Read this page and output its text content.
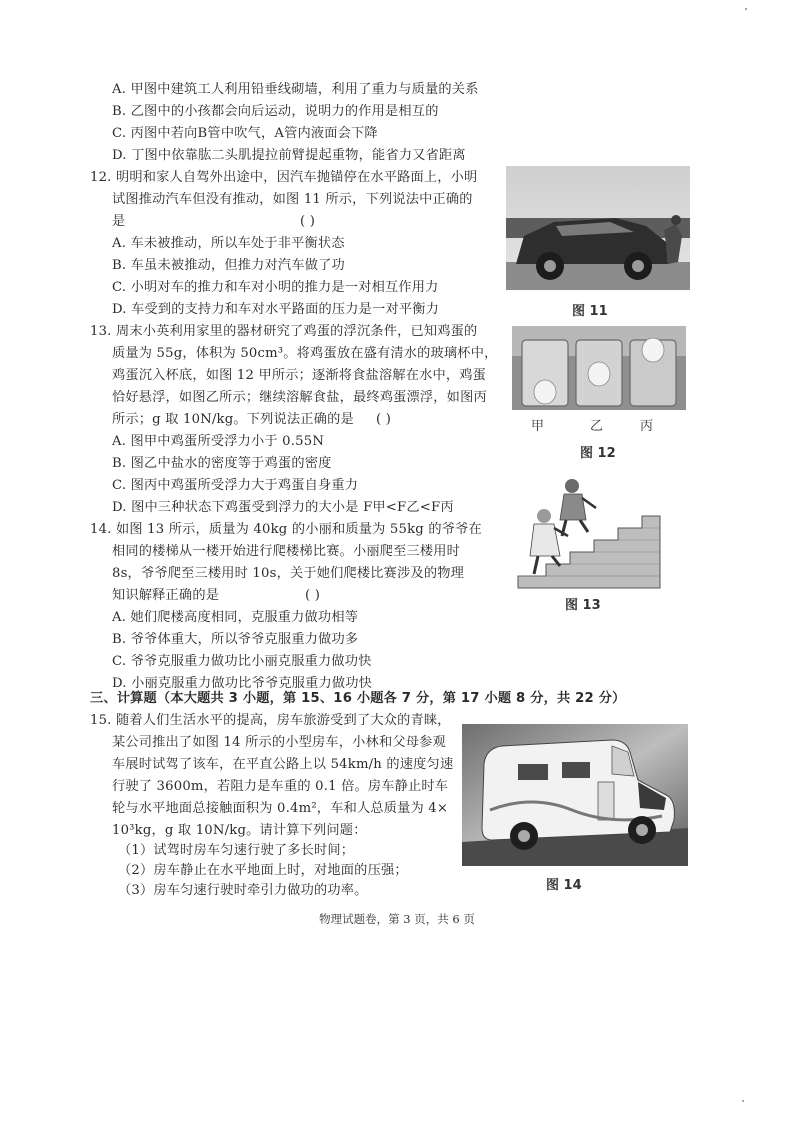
A. 甲图中建筑工人利用铅垂线砌墙，利用了重力与质量的关系
B. 乙图中的小孩都会向后运动，说明力的作用是相互的
C. 丙图中若向B管中吹气，A管内液面会下降
D. 丁图中依靠肱二头肌提拉前臂提起重物，能省力又省距离
12. 明明和家人自驾外出途中，因汽车抛锚停在水平路面上，小明
试图推动汽车但没有推动，如图 11 所示，下列说法中正确的
是	( )
A. 车未被推动，所以车处于非平衡状态
B. 车虽未被推动，但推力对汽车做了功
C. 小明对车的推力和车对小明的推力是一对相互作用力
D. 车受到的支持力和车对水平路面的压力是一对平衡力	图 11
13. 周末小英利用家里的器材研究了鸡蛋的浮沉条件，已知鸡蛋的
质量为 55g，体积为 50cm³。将鸡蛋放在盛有清水的玻璃杯中，
鸡蛋沉入杯底，如图 12 甲所示；逐渐将食盐溶解在水中，鸡蛋
恰好悬浮，如图乙所示；继续溶解食盐，最终鸡蛋漂浮，如图丙
所示；g 取 10N/kg。下列说法正确的是 ( )
A. 图甲中鸡蛋所受浮力小于 0.55N
B. 图乙中盐水的密度等于鸡蛋的密度
C. 图丙中鸡蛋所受浮力大于鸡蛋自身重力
D. 图中三种状态下鸡蛋受到浮力的大小是 F甲<F乙<F丙
甲	乙	丙
图 12
14. 如图 13 所示，质量为 40kg 的小丽和质量为 55kg 的爷爷在
相同的楼梯从一楼开始进行爬楼梯比赛。小丽爬至三楼用时
8s，爷爷爬至三楼用时 10s，关于她们爬楼比赛涉及的物理
知识解释正确的是	( )
A. 她们爬楼高度相同，克服重力做功相等
B. 爷爷体重大，所以爷爷克服重力做功多
C. 爷爷克服重力做功比小丽克服重力做功快
D. 小丽克服重力做功比爷爷克服重力做功快
图 13
三、计算题（本大题共 3 小题，第 15、16 小题各 7 分，第 17 小题 8 分，共 22 分）
15. 随着人们生活水平的提高，房车旅游受到了大众的青睐，
某公司推出了如图 14 所示的小型房车，小林和父母参观
车展时试驾了该车，在平直公路上以 54km/h 的速度匀速
行驶了 3600m，若阻力是车重的 0.1 倍。房车静止时车
轮与水平地面总接触面积为 0.4m²，车和人总质量为 4×
10³kg，g 取 10N/kg。请计算下列问题：
（1）试驾时房车匀速行驶了多长时间；
（2）房车静止在水平地面上时，对地面的压强；
（3）房车匀速行驶时牵引力做功的功率。	图 14
物理试题卷，第 3 页，共 6 页
